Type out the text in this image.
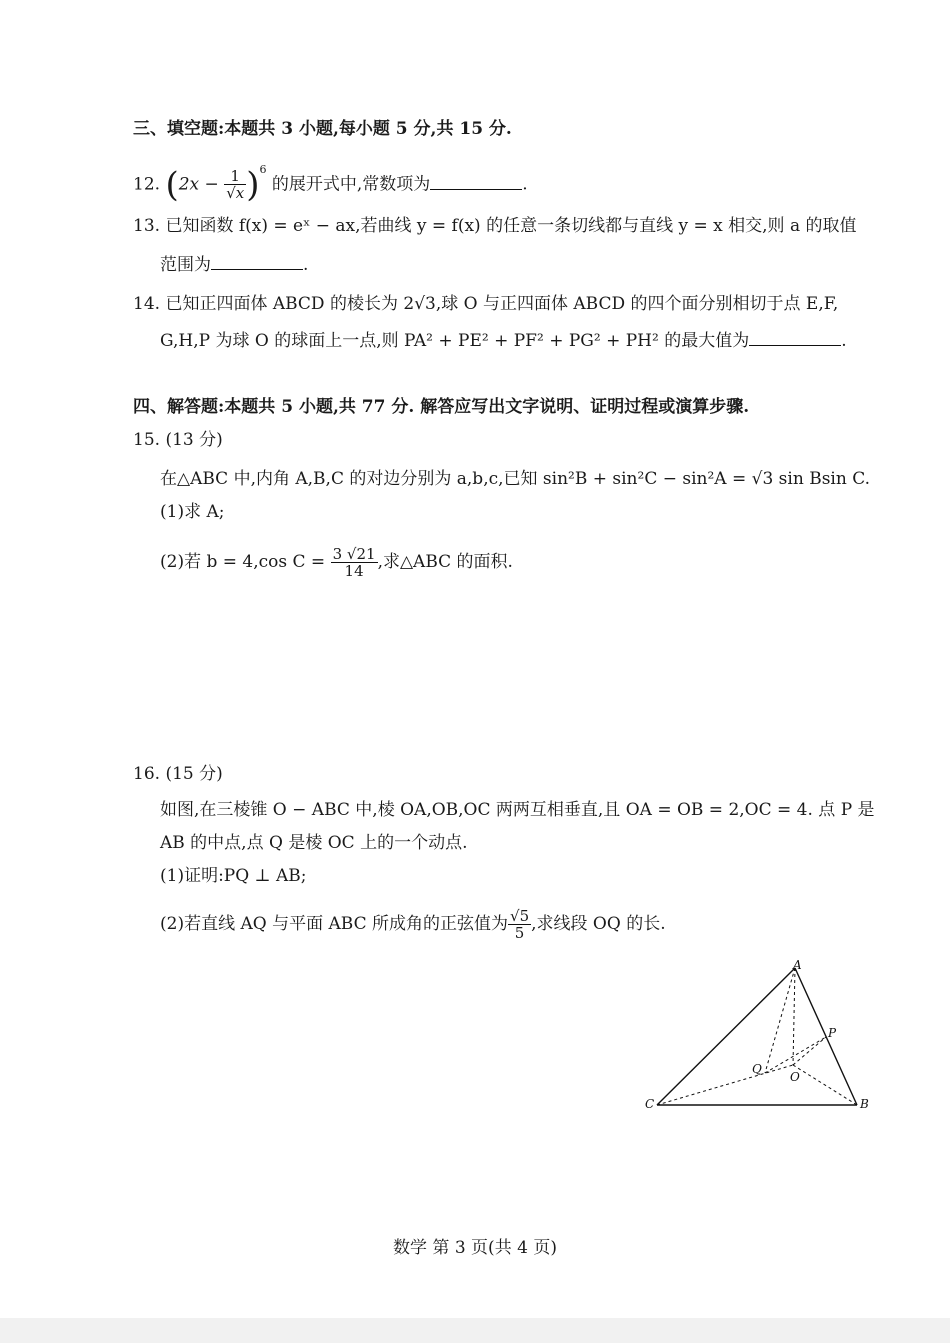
三、填空题:本题共 3 小题,每小题 5 分,共 15 分.
12. $(2x - \frac{1}{√x} )^6$ 的展开式中,常数项为	.
13. 已知函数 f(x) = eˣ − ax,若曲线 y = f(x) 的任意一条切线都与直线 y = x 相交,则 a 的取值
范围为	.
14. 已知正四面体 ABCD 的棱长为 2√3,球 O 与正四面体 ABCD 的四个面分别相切于点 E,F,
G,H,P 为球 O 的球面上一点,则 PA² + PE² + PF² + PG² + PH² 的最大值为	.
四、解答题:本题共 5 小题,共 77 分. 解答应写出文字说明、证明过程或演算步骤.
15. (13 分)
在△ABC 中,内角 A,B,C 的对边分别为 a,b,c,已知 sin²B + sin²C − sin²A = √3 sin Bsin C.
(1)求 A;
(2)若 b = 4,cos $C = \frac{3 √21}{14}$ ,求△ABC 的面积.
16. (15 分)
如图,在三棱锥 O − ABC 中,棱 OA,OB,OC 两两互相垂直,且 OA = OB = 2,OC = 4. 点 P 是
AB 的中点,点 Q 是棱 OC 上的一个动点.
(1)证明:PQ ⊥ AB;
(2)若直线 AQ 与平面 ABC 所成角的正弦值为 $\frac{√5}{5}$ ,求线段 OQ 的长.
A
B
C
O
P
Q
数学 第 3 页(共 4 页)
